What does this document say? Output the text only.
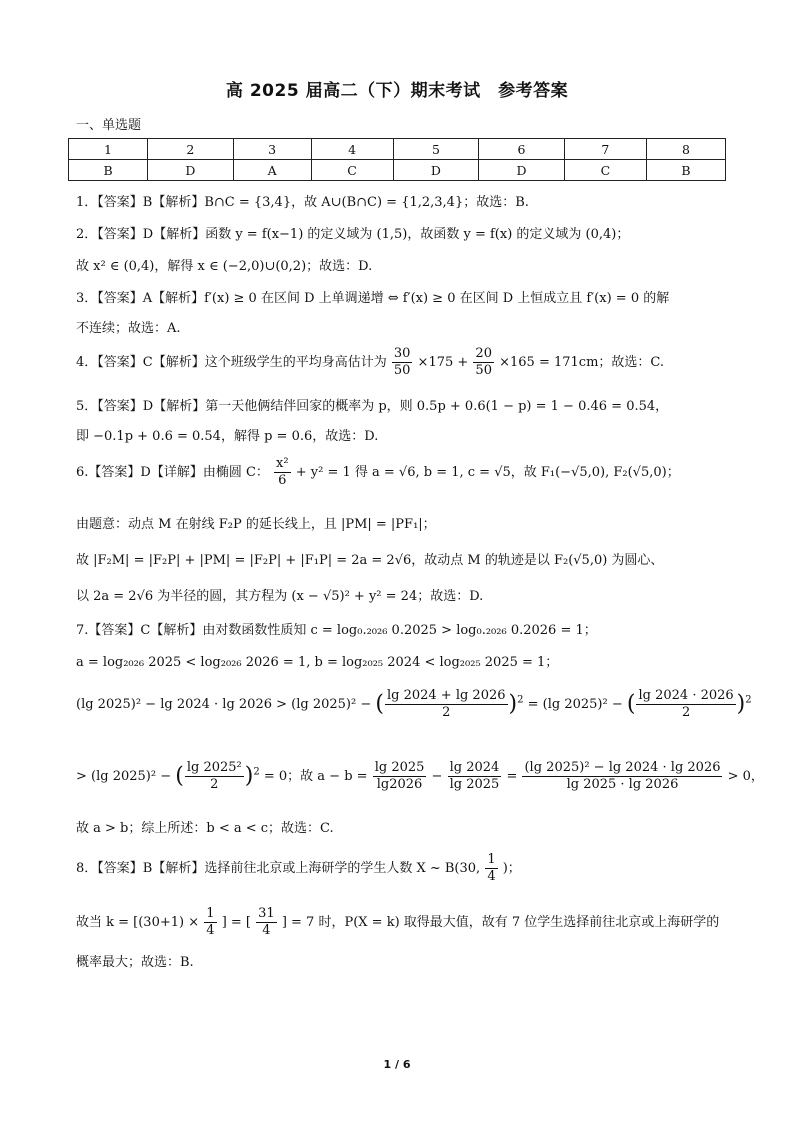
高 2025 届高二（下）期末考试　参考答案
一、单选题
1	2	3	4	5	6	7	8
B	D	A	C	D	D	C	B
1．【答案】B【解析】B∩C = {3,4}，故 A∪(B∩C) = {1,2,3,4}；故选：B.
2．【答案】D【解析】函数 y = f(x−1) 的定义域为 (1,5)，故函数 y = f(x) 的定义域为 (0,4)；
故 x² ∈ (0,4)，解得 x ∈ (−2,0)∪(0,2)；故选：D.
3．【答案】A【解析】f′(x) ≥ 0 在区间 D 上单调递增 ⇔ f′(x) ≥ 0 在区间 D 上恒成立且 f′(x) = 0 的解
不连续；故选：A.
4．【答案】C【解析】这个班级学生的平均身高估计为 $\frac{30}{50} \times 175 + \frac{20}{50} \times 165 = 171cm$；故选：C.
5．【答案】D【解析】第一天他俩结伴回家的概率为 p，则 0.5p + 0.6(1 − p) = 1 − 0.46 = 0.54，
即 −0.1p + 0.6 = 0.54，解得 p = 0.6，故选：D.
6.【答案】D【详解】由椭圆 C： $\frac{\text{x²}}{6} + y^2 = 1$ 得 a = √6, b = 1, c = √5，故 F₁(−√5,0), F₂(√5,0)；
由题意：动点 M 在射线 F₂P 的延长线上，且 |PM| = |PF₁|；
故 |F₂M| = |F₂P| + |PM| = |F₂P| + |F₁P| = 2a = 2√6，故动点 M 的轨迹是以 F₂(√5,0) 为圆心、
以 2a = 2√6 为半径的圆，其方程为 (x − √5)² + y² = 24；故选：D.
7.【答案】C【解析】由对数函数性质知 c = log₀.₂₀₂₆ 0.2025 > log₀.₂₀₂₆ 0.2026 = 1；
a = log₂₀₂₆ 2025 < log₂₀₂₆ 2026 = 1, b = log₂₀₂₅ 2024 < log₂₀₂₅ 2025 = 1；
(lg 2025)² − lg 2024 · lg 2026 > (lg 2025)² − ( $\frac{\lg 2024 + \lg 2026}{2} )^2 = (\lg$ 2025)² − ( $\frac{\lg 2024 \cdot 2026}{2} )^2$
> (lg 2025)² − ( $\frac{\text{lg 2025²}}{2} )^2 = 0$；故 $a - b = \frac{\lg 2025}{\lg 2026} - \frac{\lg 2024}{\lg 2025} = \frac{\text{(lg 2025)² − lg 2024 · lg 2026}}{\lg 2025 \cdot \lg 2026} > 0$，
故 a > b；综上所述：b < a < c；故选：C.
8．【答案】B【解析】选择前往北京或上海研学的学生人数 X ~ B(30, $\frac{1}{4}$ )；
故当 $k = [(30+1) \times \frac{1}{4}$ ] = [ $\frac{31}{4}$ ] = 7 时，P(X = k) 取得最大值，故有 7 位学生选择前往北京或上海研学的
概率最大；故选：B.
1 / 6
